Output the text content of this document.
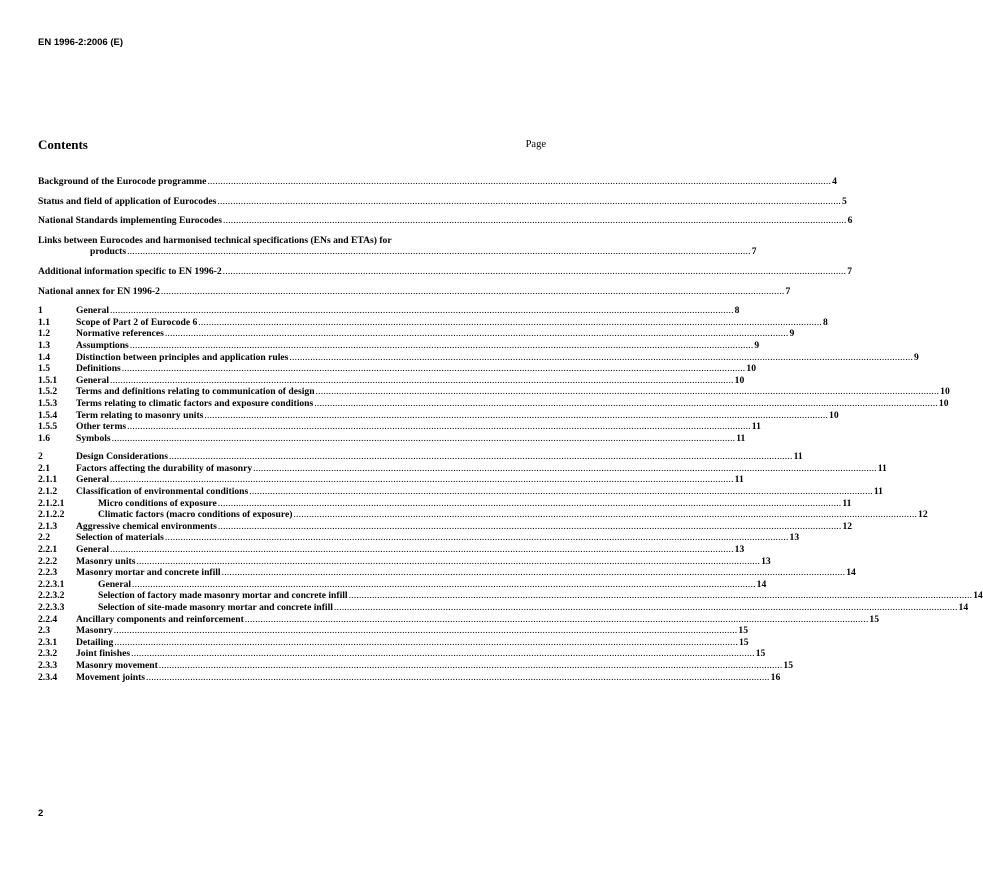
EN 1996-2:2006 (E)
Contents	Page
Background of the Eurocode programme .....	4
Status and field of application of Eurocodes .....	5
National Standards implementing Eurocodes .....	6
Links between Eurocodes and harmonised technical specifications (ENs and ETAs) for
products .....	7
Additional information specific to EN 1996-2 .....	7
National annex for EN 1996-2 .....	7
1	General .....	8
1.1	Scope of Part 2 of Eurocode 6 .....	8
1.2	Normative references .....	9
1.3	Assumptions .....	9
1.4	Distinction between principles and application rules .....	9
1.5	Definitions .....	10
1.5.1	General .....	10
1.5.2	Terms and definitions relating to communication of design .....	10
1.5.3	Terms relating to climatic factors and exposure conditions .....	10
1.5.4	Term relating to masonry units .....	10
1.5.5	Other terms .....	11
1.6	Symbols .....	11
2	Design Considerations .....	11
2.1	Factors affecting the durability of masonry .....	11
2.1.1	General .....	11
2.1.2	Classification of environmental conditions .....	11
2.1.2.1	Micro conditions of exposure .....	11
2.1.2.2	Climatic factors (macro conditions of exposure) .....	12
2.1.3	Aggressive chemical environments .....	12
2.2	Selection of materials .....	13
2.2.1	General .....	13
2.2.2	Masonry units .....	13
2.2.3	Masonry mortar and concrete infill .....	14
2.2.3.1	General .....	14
2.2.3.2	Selection of factory made masonry mortar and concrete infill .....	14
2.2.3.3	Selection of site-made masonry mortar and concrete infill .....	14
2.2.4	Ancillary components and reinforcement .....	15
2.3	Masonry .....	15
2.3.1	Detailing .....	15
2.3.2	Joint finishes .....	15
2.3.3	Masonry movement .....	15
2.3.4	Movement joints .....	16
2
